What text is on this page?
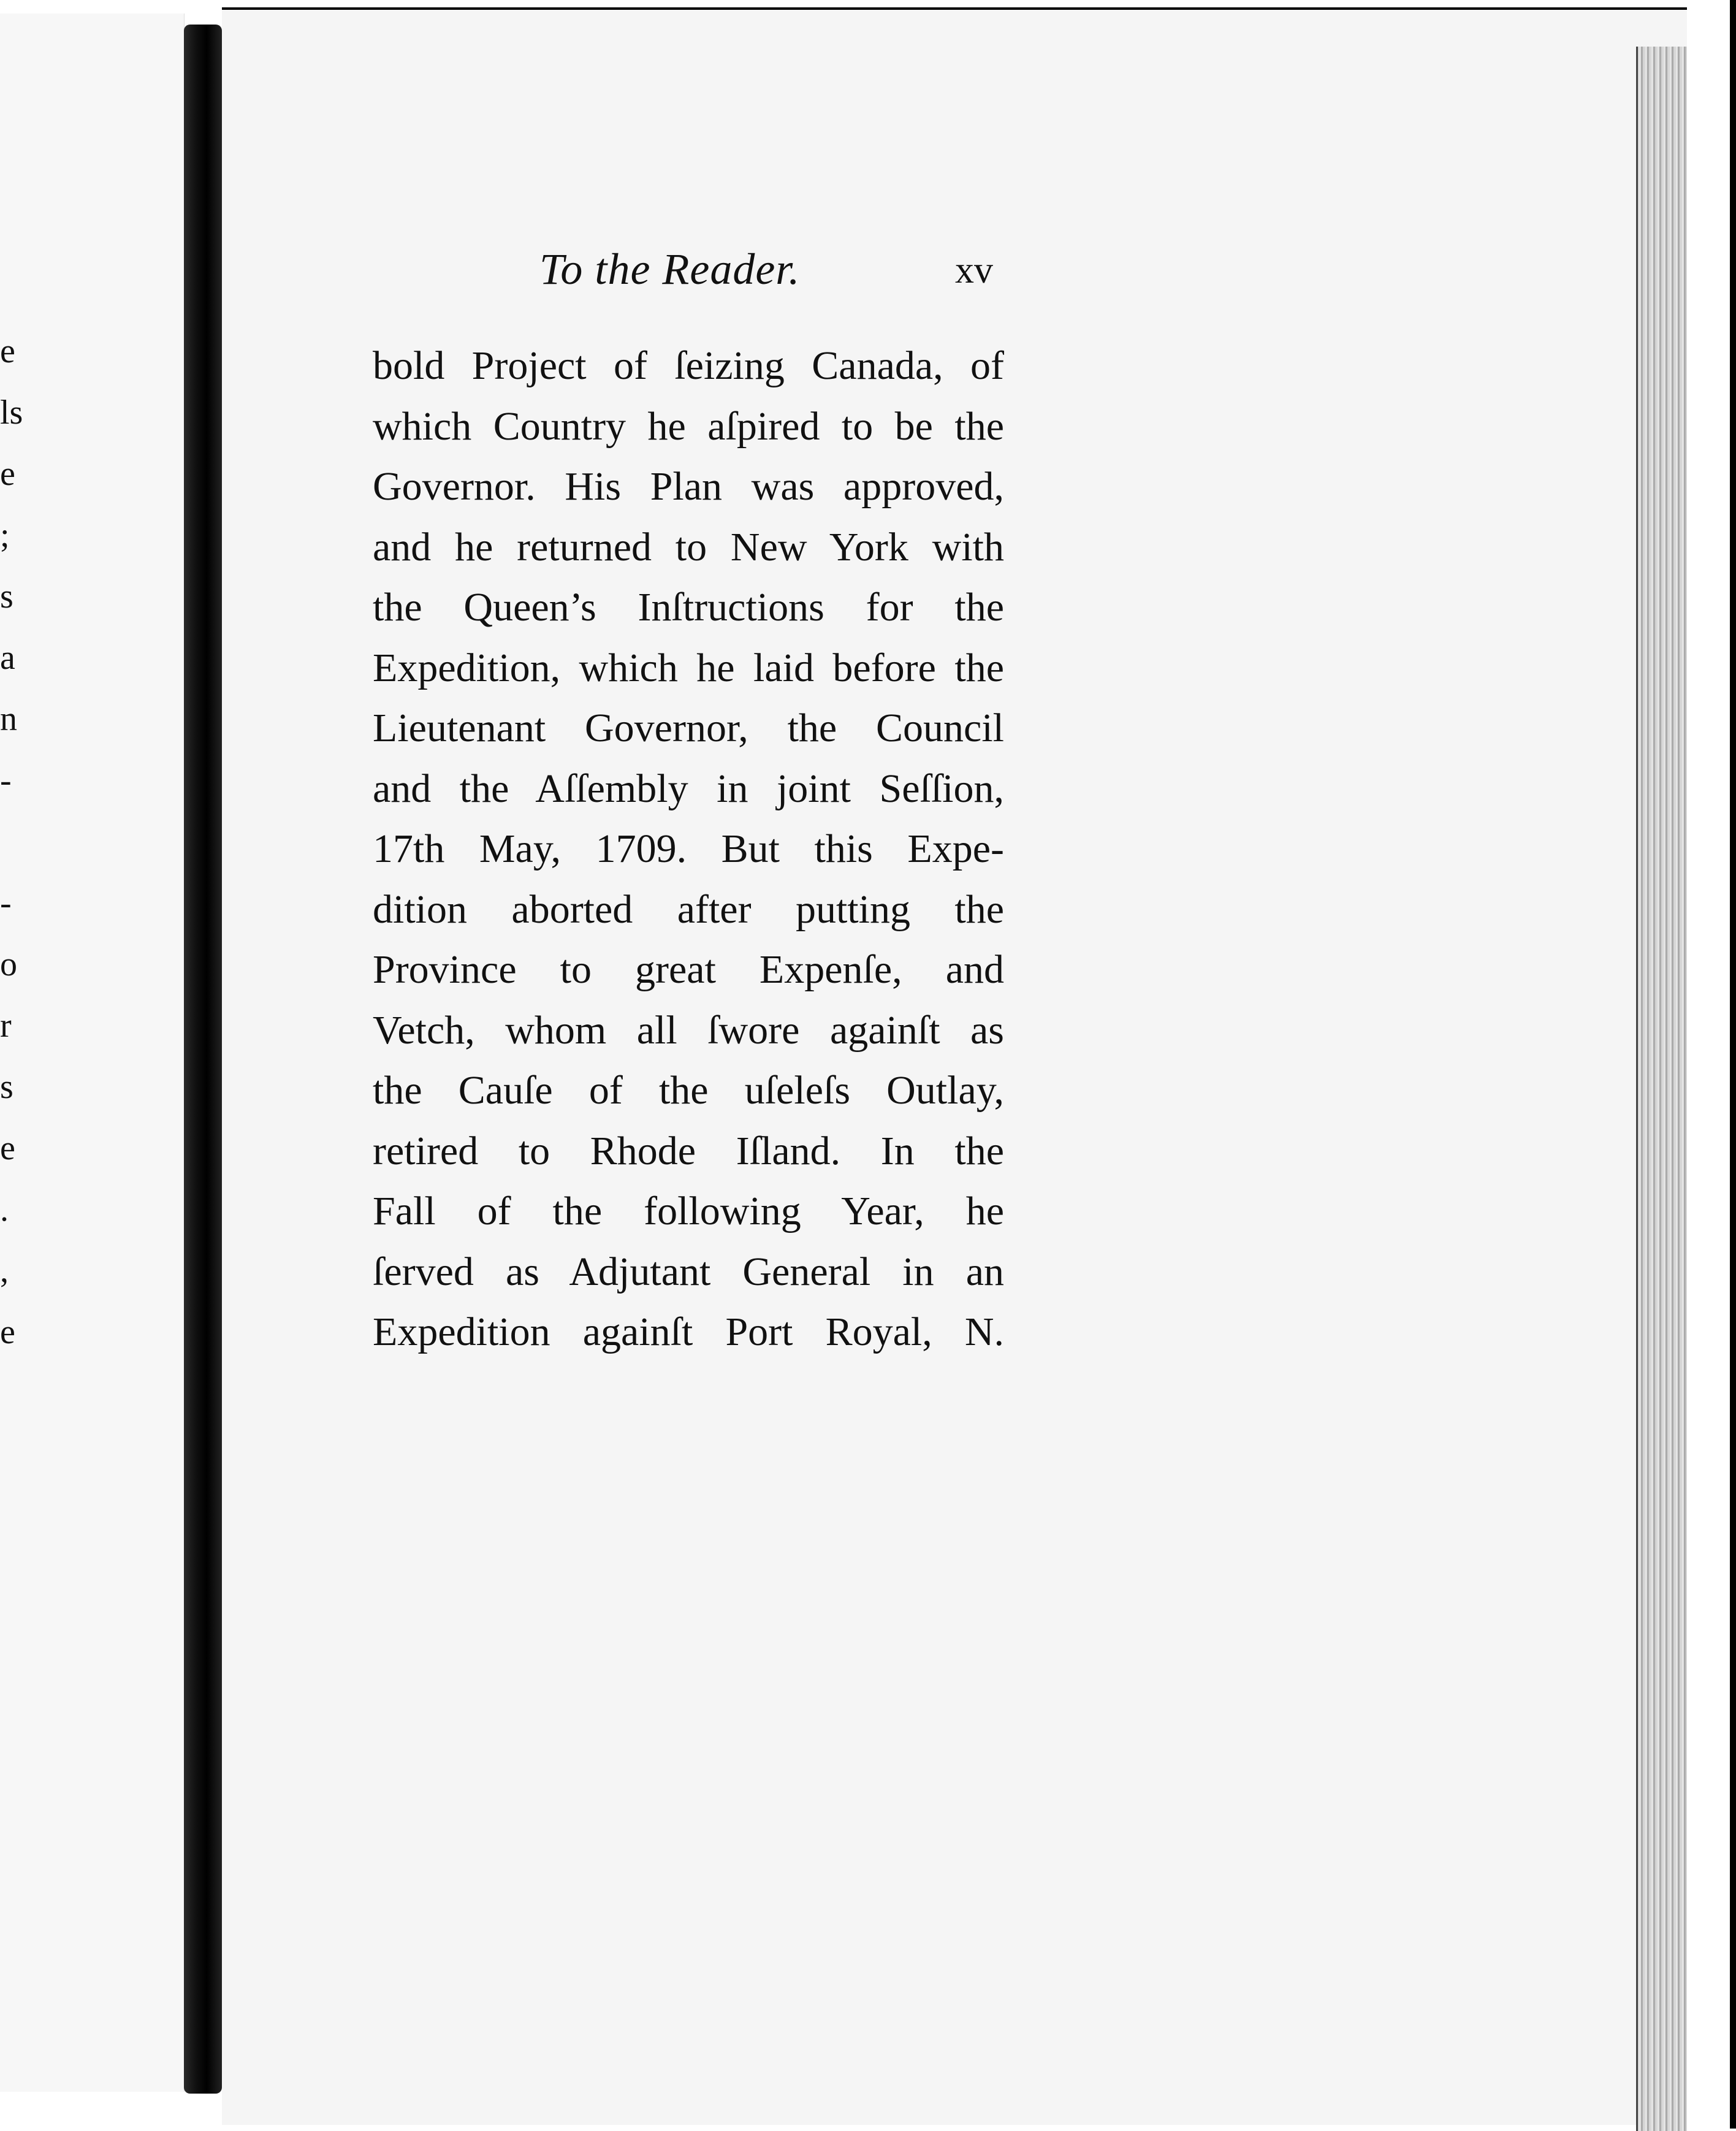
e
ls
e
;
s
a
n
-
-
o
r
s
e
.
,
e
To the Reader.	xv
bold Project of ſeizing Canada, of
which Country he aſpired to be the
Governor. His Plan was approved,
and he returned to New York with
the Queen’s Inſtructions for the
Expedition, which he laid before the
Lieutenant Governor, the Council
and the Aſſembly in joint Seſſion,
17th May, 1709. But this Expe-
dition aborted after putting the
Province to great Expenſe, and
Vetch, whom all ſwore againſt as
the Cauſe of the uſeleſs Outlay,
retired to Rhode Iſland. In the
Fall of the following Year, he
ſerved as Adjutant General in an
Expedition againſt Port Royal, N.
